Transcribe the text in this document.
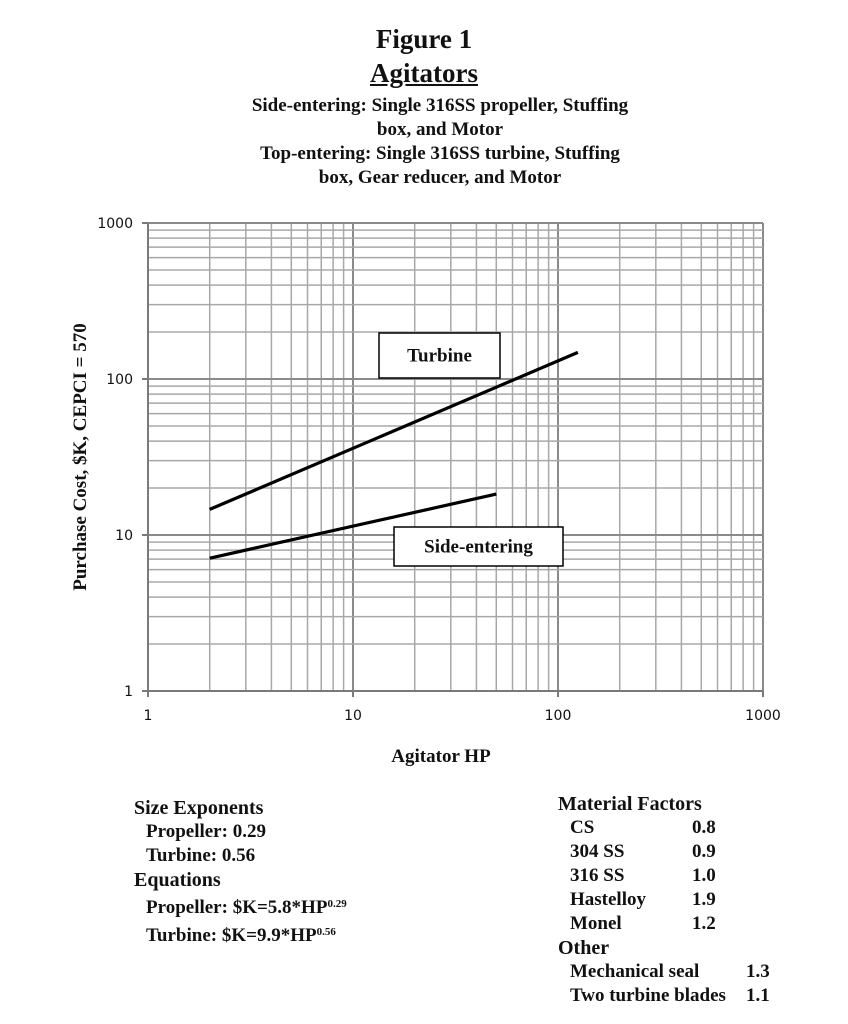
Figure 1
Agitators
Side-entering: Single 316SS propeller, Stuffing
box, and Motor
Top-entering: Single 316SS turbine, Stuffing
box, Gear reducer, and Motor
1	10	100	1000
1
10
100
1000
Turbine
Side-entering
Agitator HP
Purchase Cost, $K, CEPCI = 570
Size Exponents
Propeller: 0.29
Turbine: 0.56
Equations
Propeller: $\$K=5.8*HP^{0.29}$
Turbine: $\$K=9.9*HP^{0.56}$
Material Factors
CS	0.8
304 SS	0.9
316 SS	1.0
Hastelloy	1.9
Monel	1.2
Other
Mechanical seal	1.3
Two turbine blades	1.1
